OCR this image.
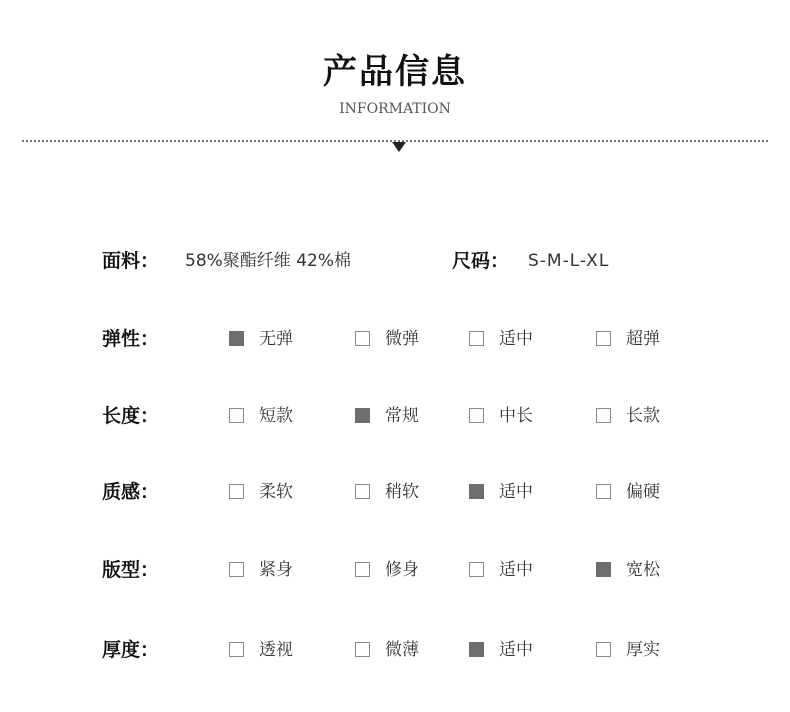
产品信息
INFORMATION
面料： 58%聚酯纤维 42%棉	尺码： S-M-L-XL
弹性：	无弹	微弹	适中	超弹
长度：	短款	常规	中长	长款
质感：	柔软	稍软	适中	偏硬
版型：	紧身	修身	适中	宽松
厚度：	透视	微薄	适中	厚实
